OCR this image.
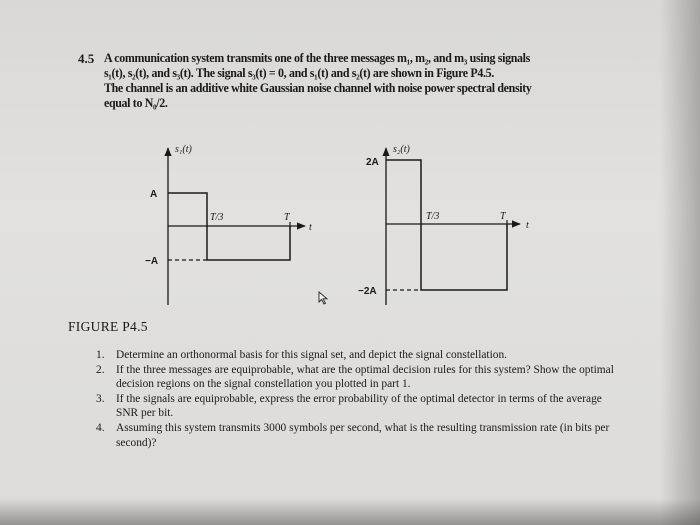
4.5 A communication system transmits one of the three messages m₁, m₂, and m₃ using signals
s₁(t), s₂(t), and s₃(t). The signal s₃(t) = 0, and s₁(t) and s₂(t) are shown in Figure P4.5.
The channel is an additive white Gaussian noise channel with noise power spectral density
equal to N₀/2.
s₁(t)
A
−A
T/3	T
t
s₂(t)
2A
−2A
T/3	T
t
FIGURE P4.5
1.	Determine an orthonormal basis for this signal set, and depict the signal constellation.
2.	If the three messages are equiprobable, what are the optimal decision rules for this system? Show the optimal decision regions on the signal constellation you plotted in part 1.
3.	If the signals are equiprobable, express the error probability of the optimal detector in terms of the average SNR per bit.
4.	Assuming this system transmits 3000 symbols per second, what is the resulting transmission rate (in bits per second)?
